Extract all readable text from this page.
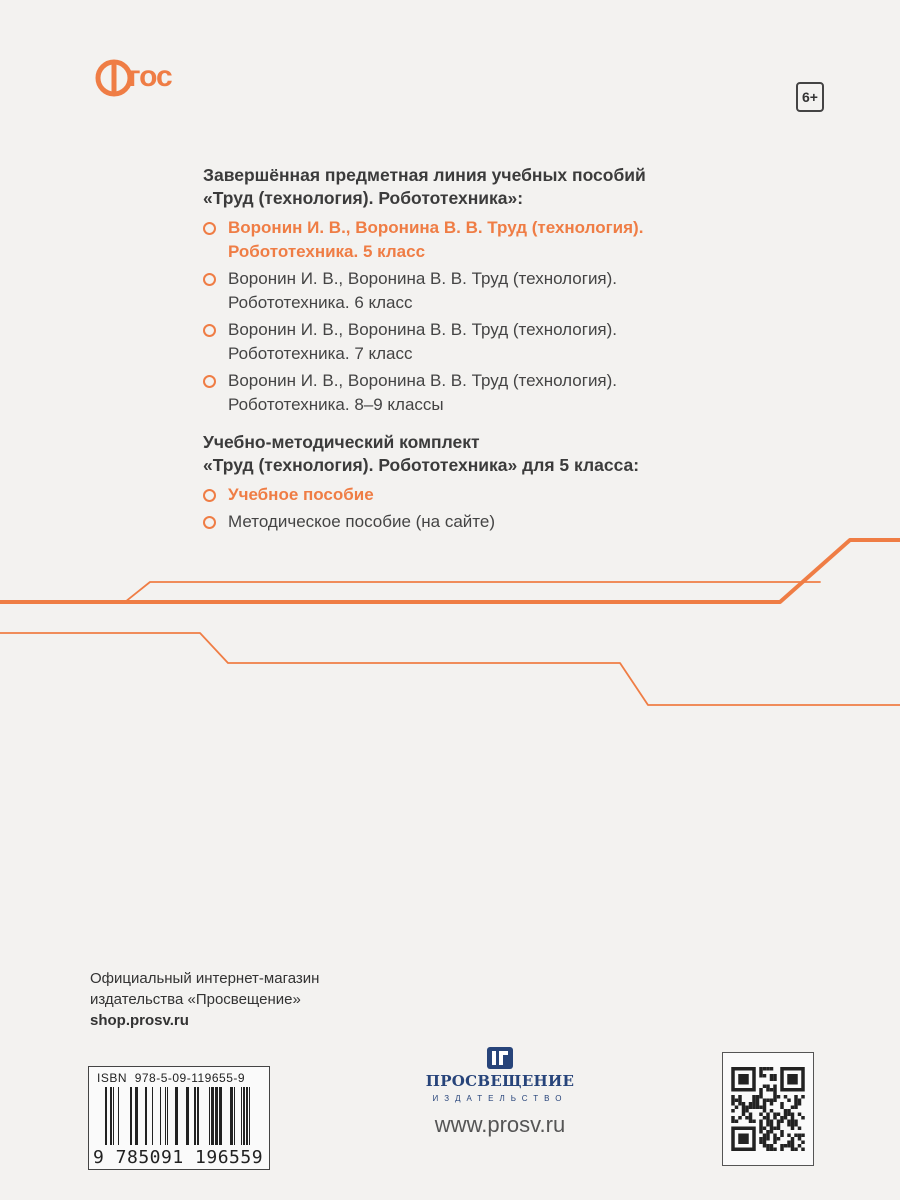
гос
6+
Завершённая предметная линия учебных пособий
«Труд (технология). Робототехника»:
Воронин И. В., Воронина В. В. Труд (технология).
Робототехника. 5 класс
Воронин И. В., Воронина В. В. Труд (технология).
Робототехника. 6 класс
Воронин И. В., Воронина В. В. Труд (технология).
Робототехника. 7 класс
Воронин И. В., Воронина В. В. Труд (технология).
Робототехника. 8–9 классы
Учебно-методический комплект
«Труд (технология). Робототехника» для 5 класса:
Учебное пособие
Методическое пособие (на сайте)
Официальный интернет-магазин
издательства «Просвещение»
shop.prosv.ru
ISBN 978-5-09-119655-9
9 785091 196559
ПРОСВЕЩЕНИЕ
ИЗДАТЕЛЬСТВО
www.prosv.ru
